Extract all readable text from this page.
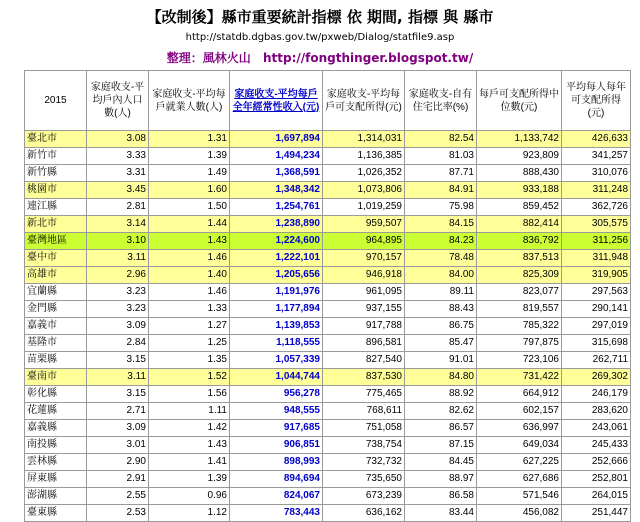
【改制後】縣市重要統計指標 依 期間, 指標 與 縣市
http://statdb.dgbas.gov.tw/pxweb/Dialog/statfile9.asp
整理：風林火山 http://fongthinger.blogspot.tw/
2015	家庭收支-平均戶內人口數(人)	家庭收支-平均每戶就業人數(人)	家庭收支-平均每戶全年經常性收入(元)	家庭收支-平均每戶可支配所得(元)	家庭收支-自有住宅比率(%)	每戶可支配所得中位數(元)	平均每人每年可支配所得(元)
臺北市	3.08	1.31	1,697,894	1,314,031	82.54	1,133,742	426,633
新竹市	3.33	1.39	1,494,234	1,136,385	81.03	923,809	341,257
新竹縣	3.31	1.49	1,368,591	1,026,352	87.71	888,430	310,076
桃園市	3.45	1.60	1,348,342	1,073,806	84.91	933,188	311,248
連江縣	2.81	1.50	1,254,761	1,019,259	75.98	859,452	362,726
新北市	3.14	1.44	1,238,890	959,507	84.15	882,414	305,575
臺灣地區	3.10	1.43	1,224,600	964,895	84.23	836,792	311,256
臺中市	3.11	1.46	1,222,101	970,157	78.48	837,513	311,948
高雄市	2.96	1.40	1,205,656	946,918	84.00	825,309	319,905
宜蘭縣	3.23	1.46	1,191,976	961,095	89.11	823,077	297,563
金門縣	3.23	1.33	1,177,894	937,155	88.43	819,557	290,141
嘉義市	3.09	1.27	1,139,853	917,788	86.75	785,322	297,019
基隆市	2.84	1.25	1,118,555	896,581	85.47	797,875	315,698
苗栗縣	3.15	1.35	1,057,339	827,540	91.01	723,106	262,711
臺南市	3.11	1.52	1,044,744	837,530	84.80	731,422	269,302
彰化縣	3.15	1.56	956,278	775,465	88.92	664,912	246,179
花蓮縣	2.71	1.11	948,555	768,611	82.62	602,157	283,620
嘉義縣	3.09	1.42	917,685	751,058	86.57	636,997	243,061
南投縣	3.01	1.43	906,851	738,754	87.15	649,034	245,433
雲林縣	2.90	1.41	898,993	732,732	84.45	627,225	252,666
屏東縣	2.91	1.39	894,694	735,650	88.97	627,686	252,801
澎湖縣	2.55	0.96	824,067	673,239	86.58	571,546	264,015
臺東縣	2.53	1.12	783,443	636,162	83.44	456,082	251,447
